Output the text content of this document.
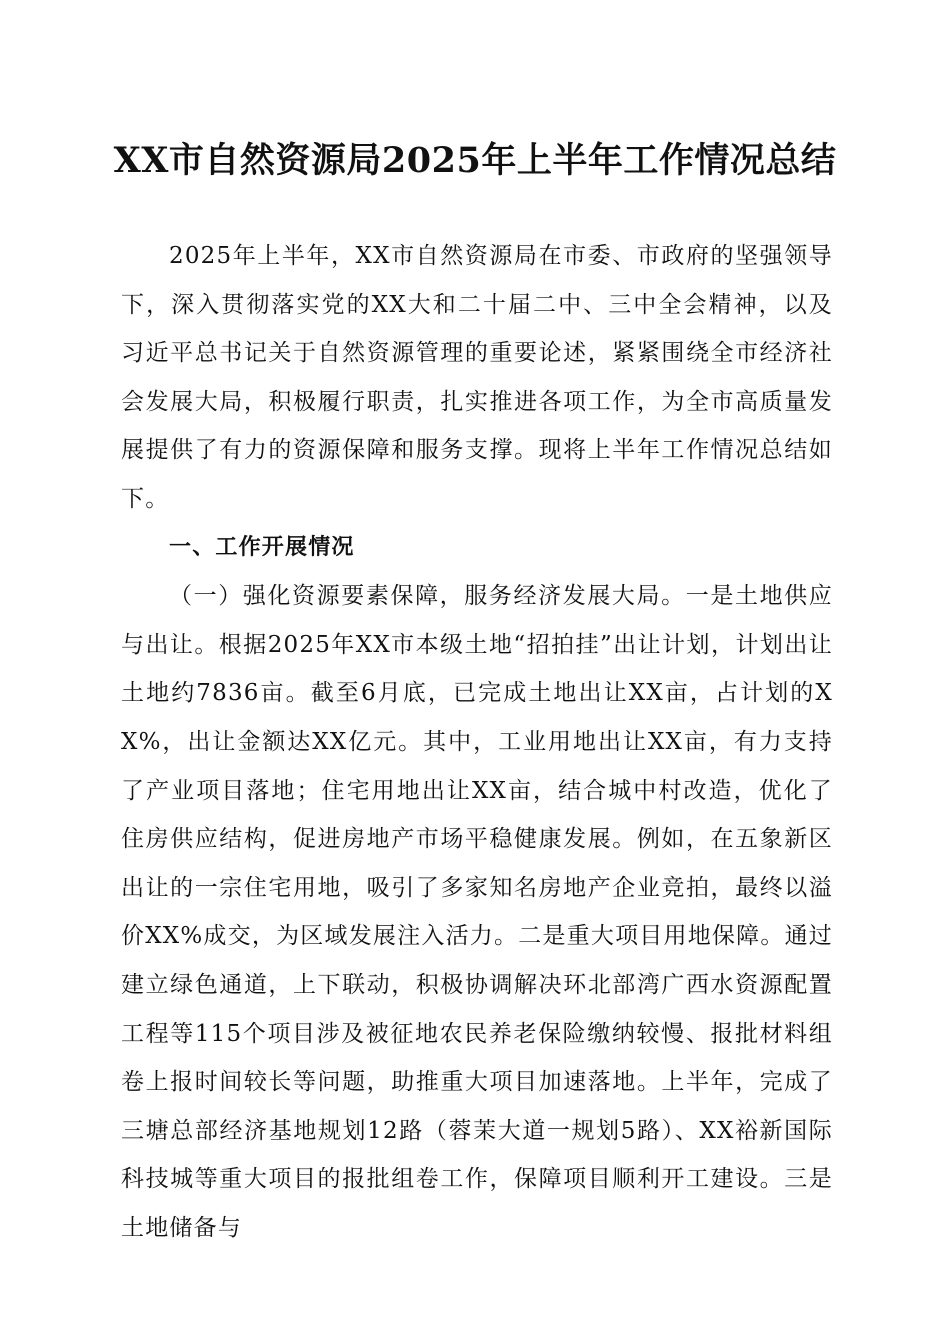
XX市自然资源局2025年上半年工作情况总结

2025年上半年，XX市自然资源局在市委、市政府的坚强领导下，深入贯彻落实党的XX大和二十届二中、三中全会精神，以及习近平总书记关于自然资源管理的重要论述，紧紧围绕全市经济社会发展大局，积极履行职责，扎实推进各项工作，为全市高质量发展提供了有力的资源保障和服务支撑。现将上半年工作情况总结如下。

一、工作开展情况

（一）强化资源要素保障，服务经济发展大局。一是土地供应与出让。根据2025年XX市本级土地“招拍挂”出让计划，计划出让土地约7836亩。截至6月底，已完成土地出让XX亩，占计划的XX%，出让金额达XX亿元。其中，工业用地出让XX亩，有力支持了产业项目落地；住宅用地出让XX亩，结合城中村改造，优化了住房供应结构，促进房地产市场平稳健康发展。例如，在五象新区出让的一宗住宅用地，吸引了多家知名房地产企业竞拍，最终以溢价XX%成交，为区域发展注入活力。二是重大项目用地保障。通过建立绿色通道，上下联动，积极协调解决环北部湾广西水资源配置工程等115个项目涉及被征地农民养老保险缴纳较慢、报批材料组卷上报时间较长等问题，助推重大项目加速落地。上半年，完成了三塘总部经济基地规划12路（蓉茉大道一规划5路）、XX裕新国际科技城等重大项目的报批组卷工作，保障项目顺利开工建设。三是土地储备与
